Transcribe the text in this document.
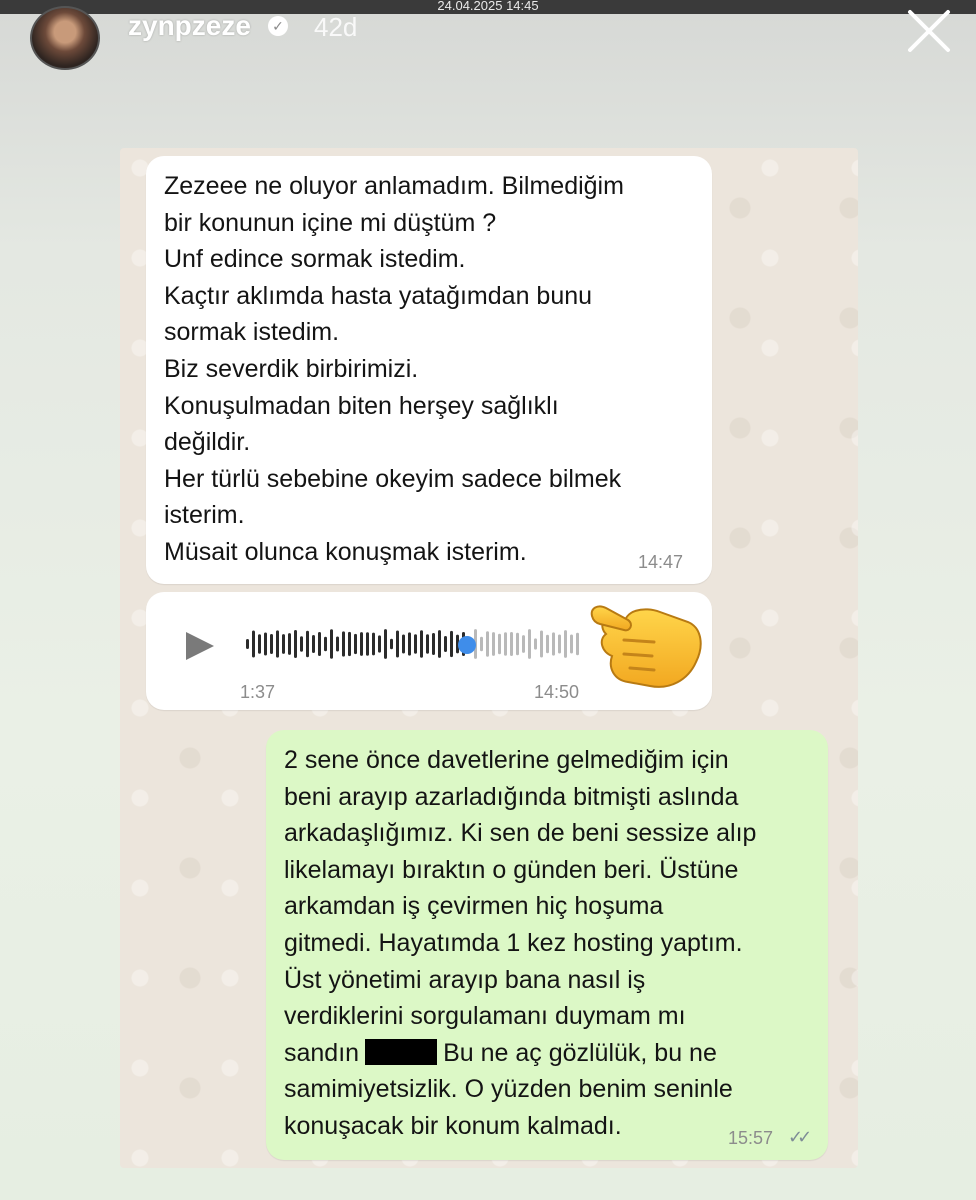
24.04.2025 14:45
zynpzeze ✓ 42d
Zezeee ne oluyor anlamadım. Bilmediğim
bir konunun içine mi düştüm ?
Unf edince sormak istedim.
Kaçtır aklımda hasta yatağımdan bunu
sormak istedim.
Biz severdik birbirimizi.
Konuşulmadan biten herşey sağlıklı
değildir.
Her türlü sebebine okeyim sadece bilmek
isterim.
Müsait olunca konuşmak isterim.	14:47
1:37	14:50
2 sene önce davetlerine gelmediğim için
beni arayıp azarladığında bitmişti aslında
arkadaşlığımız. Ki sen de beni sessize alıp
likelamayı bıraktın o günden beri. Üstüne
arkamdan iş çevirmen hiç hoşuma
gitmedi. Hayatımda 1 kez hosting yaptım.
Üst yönetimi arayıp bana nasıl iş
verdiklerini sorgulamanı duymam mı
sandın	Bu ne aç gözlülük, bu ne
samimiyetsizlik. O yüzden benim seninle
konuşacak bir konum kalmadı.	15:57 ✓✓
